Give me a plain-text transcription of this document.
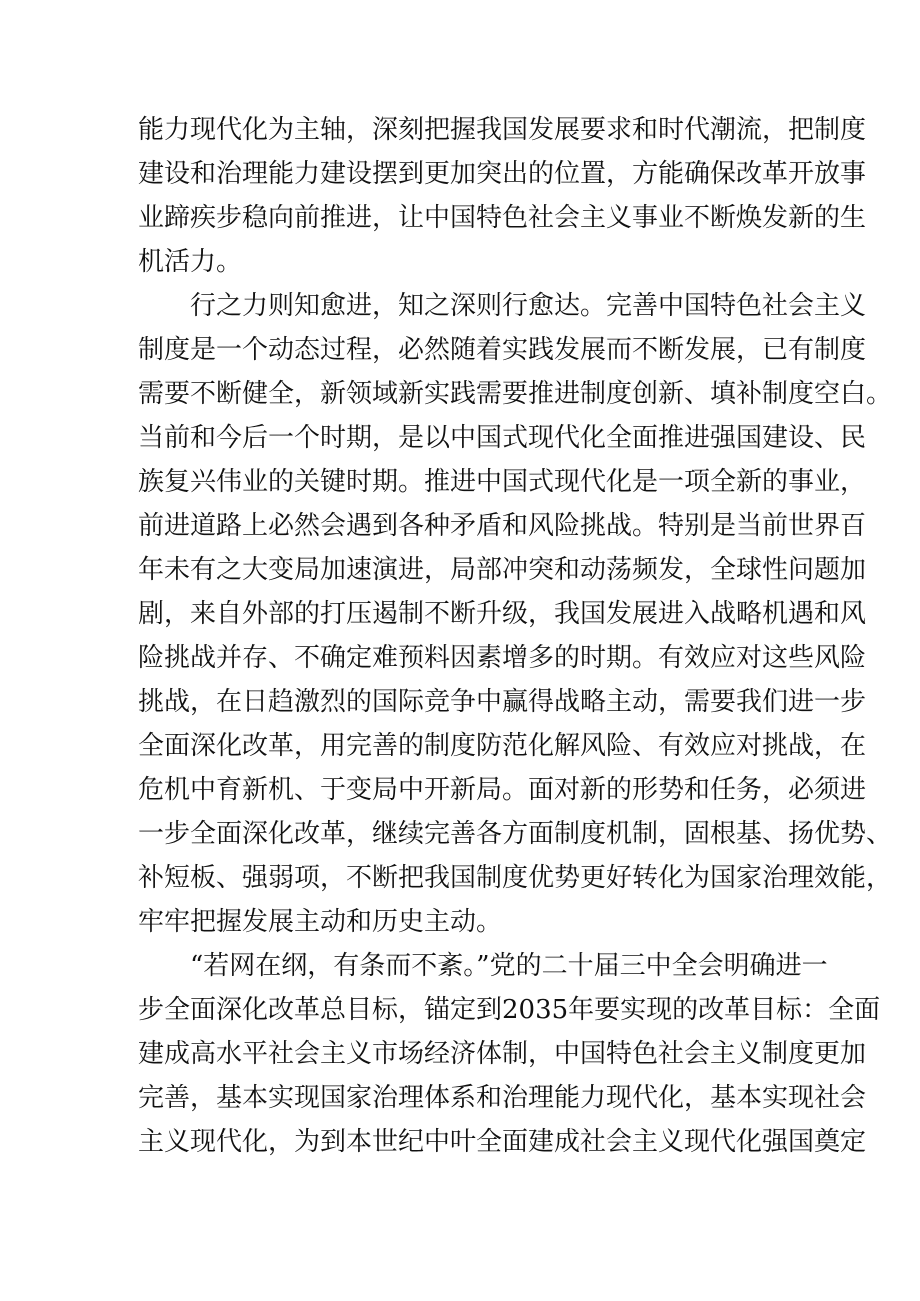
能力现代化为主轴，深刻把握我国发展要求和时代潮流，把制度
建设和治理能力建设摆到更加突出的位置，方能确保改革开放事
业蹄疾步稳向前推进，让中国特色社会主义事业不断焕发新的生
机活力。
行之力则知愈进，知之深则行愈达。完善中国特色社会主义
制度是一个动态过程，必然随着实践发展而不断发展，已有制度
需要不断健全，新领域新实践需要推进制度创新、填补制度空白。
当前和今后一个时期，是以中国式现代化全面推进强国建设、民
族复兴伟业的关键时期。推进中国式现代化是一项全新的事业，
前进道路上必然会遇到各种矛盾和风险挑战。特别是当前世界百
年未有之大变局加速演进，局部冲突和动荡频发，全球性问题加
剧，来自外部的打压遏制不断升级，我国发展进入战略机遇和风
险挑战并存、不确定难预料因素增多的时期。有效应对这些风险
挑战，在日趋激烈的国际竞争中赢得战略主动，需要我们进一步
全面深化改革，用完善的制度防范化解风险、有效应对挑战，在
危机中育新机、于变局中开新局。面对新的形势和任务，必须进
一步全面深化改革，继续完善各方面制度机制，固根基、扬优势、
补短板、强弱项，不断把我国制度优势更好转化为国家治理效能，
牢牢把握发展主动和历史主动。
“若网在纲，有条而不紊。”党的二十届三中全会明确进一
步全面深化改革总目标，锚定到2035年要实现的改革目标：全面
建成高水平社会主义市场经济体制，中国特色社会主义制度更加
完善，基本实现国家治理体系和治理能力现代化，基本实现社会
主义现代化，为到本世纪中叶全面建成社会主义现代化强国奠定
